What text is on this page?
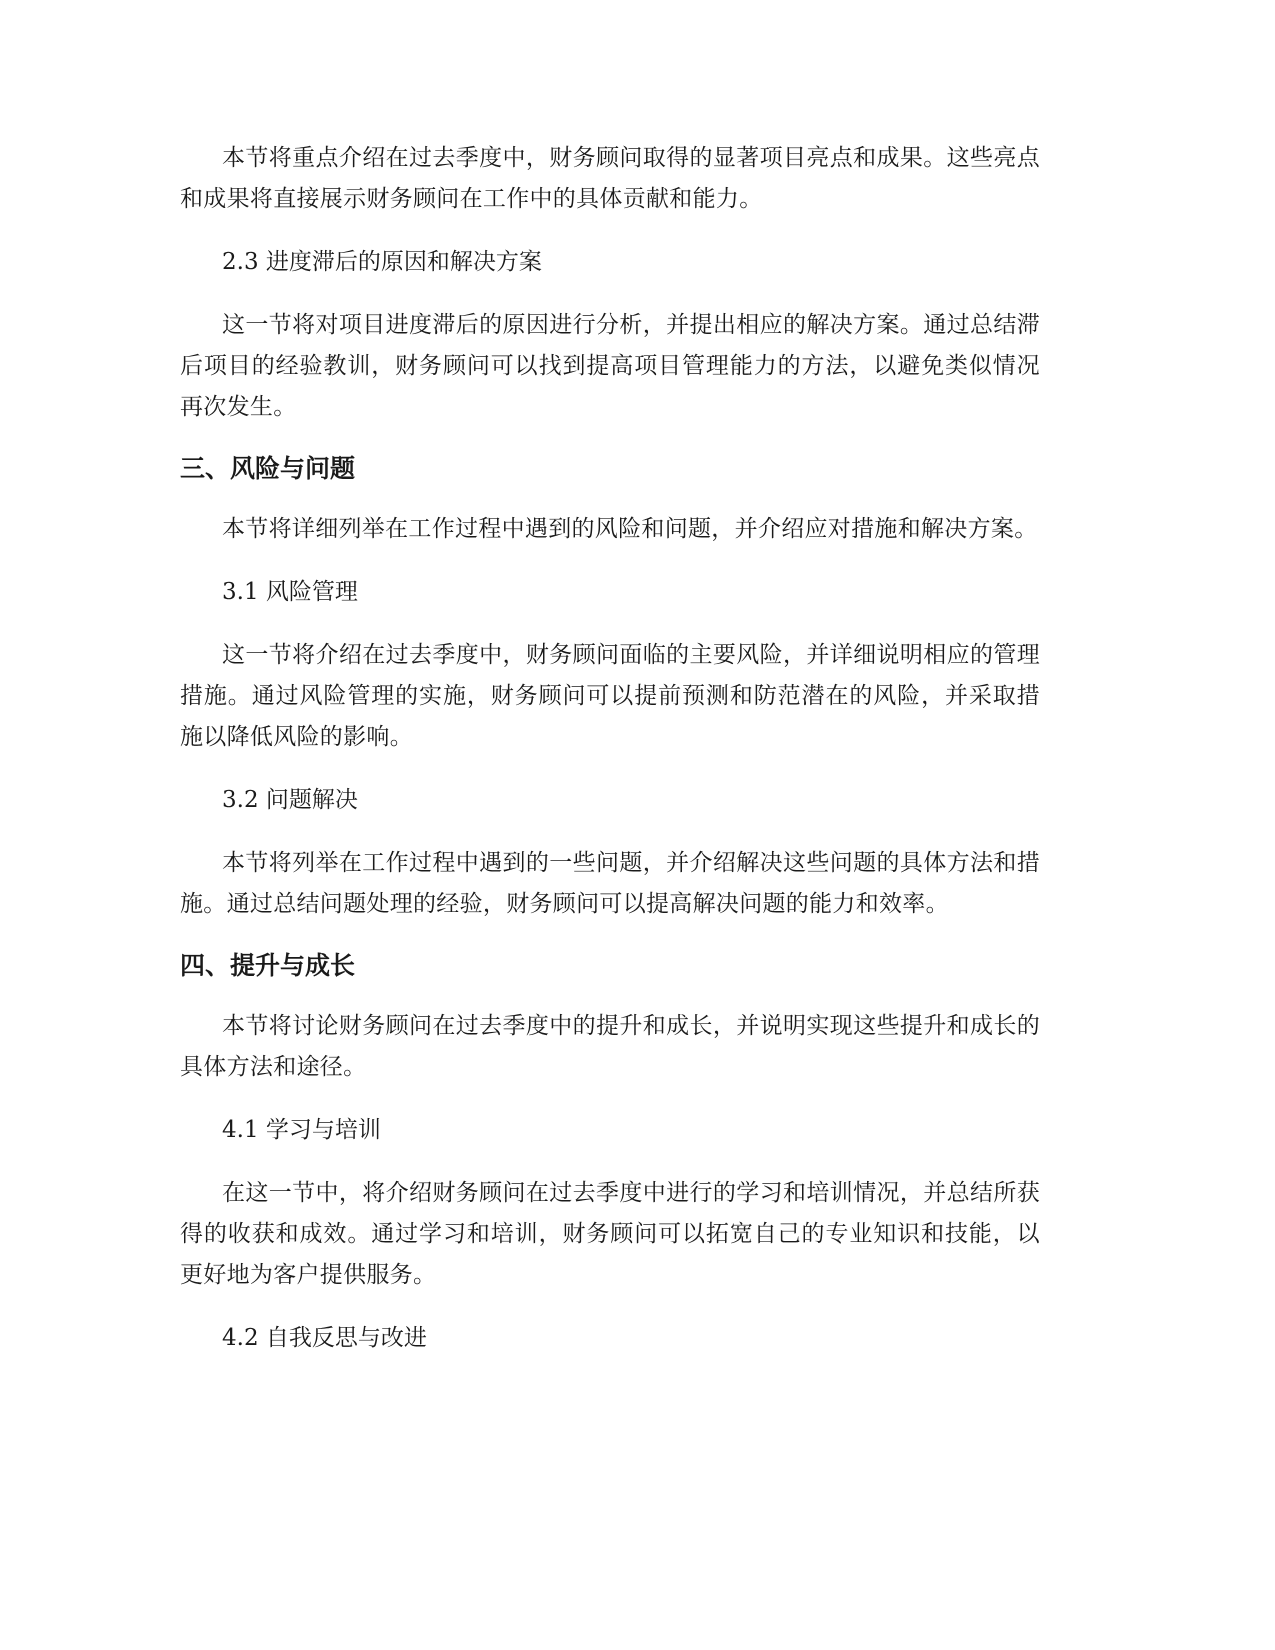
本节将重点介绍在过去季度中，财务顾问取得的显著项目亮点和成果。这些亮点和成果将直接展示财务顾问在工作中的具体贡献和能力。

2.3 进度滞后的原因和解决方案

这一节将对项目进度滞后的原因进行分析，并提出相应的解决方案。通过总结滞后项目的经验教训，财务顾问可以找到提高项目管理能力的方法，以避免类似情况再次发生。

三、风险与问题

本节将详细列举在工作过程中遇到的风险和问题，并介绍应对措施和解决方案。

3.1 风险管理

这一节将介绍在过去季度中，财务顾问面临的主要风险，并详细说明相应的管理措施。通过风险管理的实施，财务顾问可以提前预测和防范潜在的风险，并采取措施以降低风险的影响。

3.2 问题解决

本节将列举在工作过程中遇到的一些问题，并介绍解决这些问题的具体方法和措施。通过总结问题处理的经验，财务顾问可以提高解决问题的能力和效率。

四、提升与成长

本节将讨论财务顾问在过去季度中的提升和成长，并说明实现这些提升和成长的具体方法和途径。

4.1 学习与培训

在这一节中，将介绍财务顾问在过去季度中进行的学习和培训情况，并总结所获得的收获和成效。通过学习和培训，财务顾问可以拓宽自己的专业知识和技能，以更好地为客户提供服务。

4.2 自我反思与改进
